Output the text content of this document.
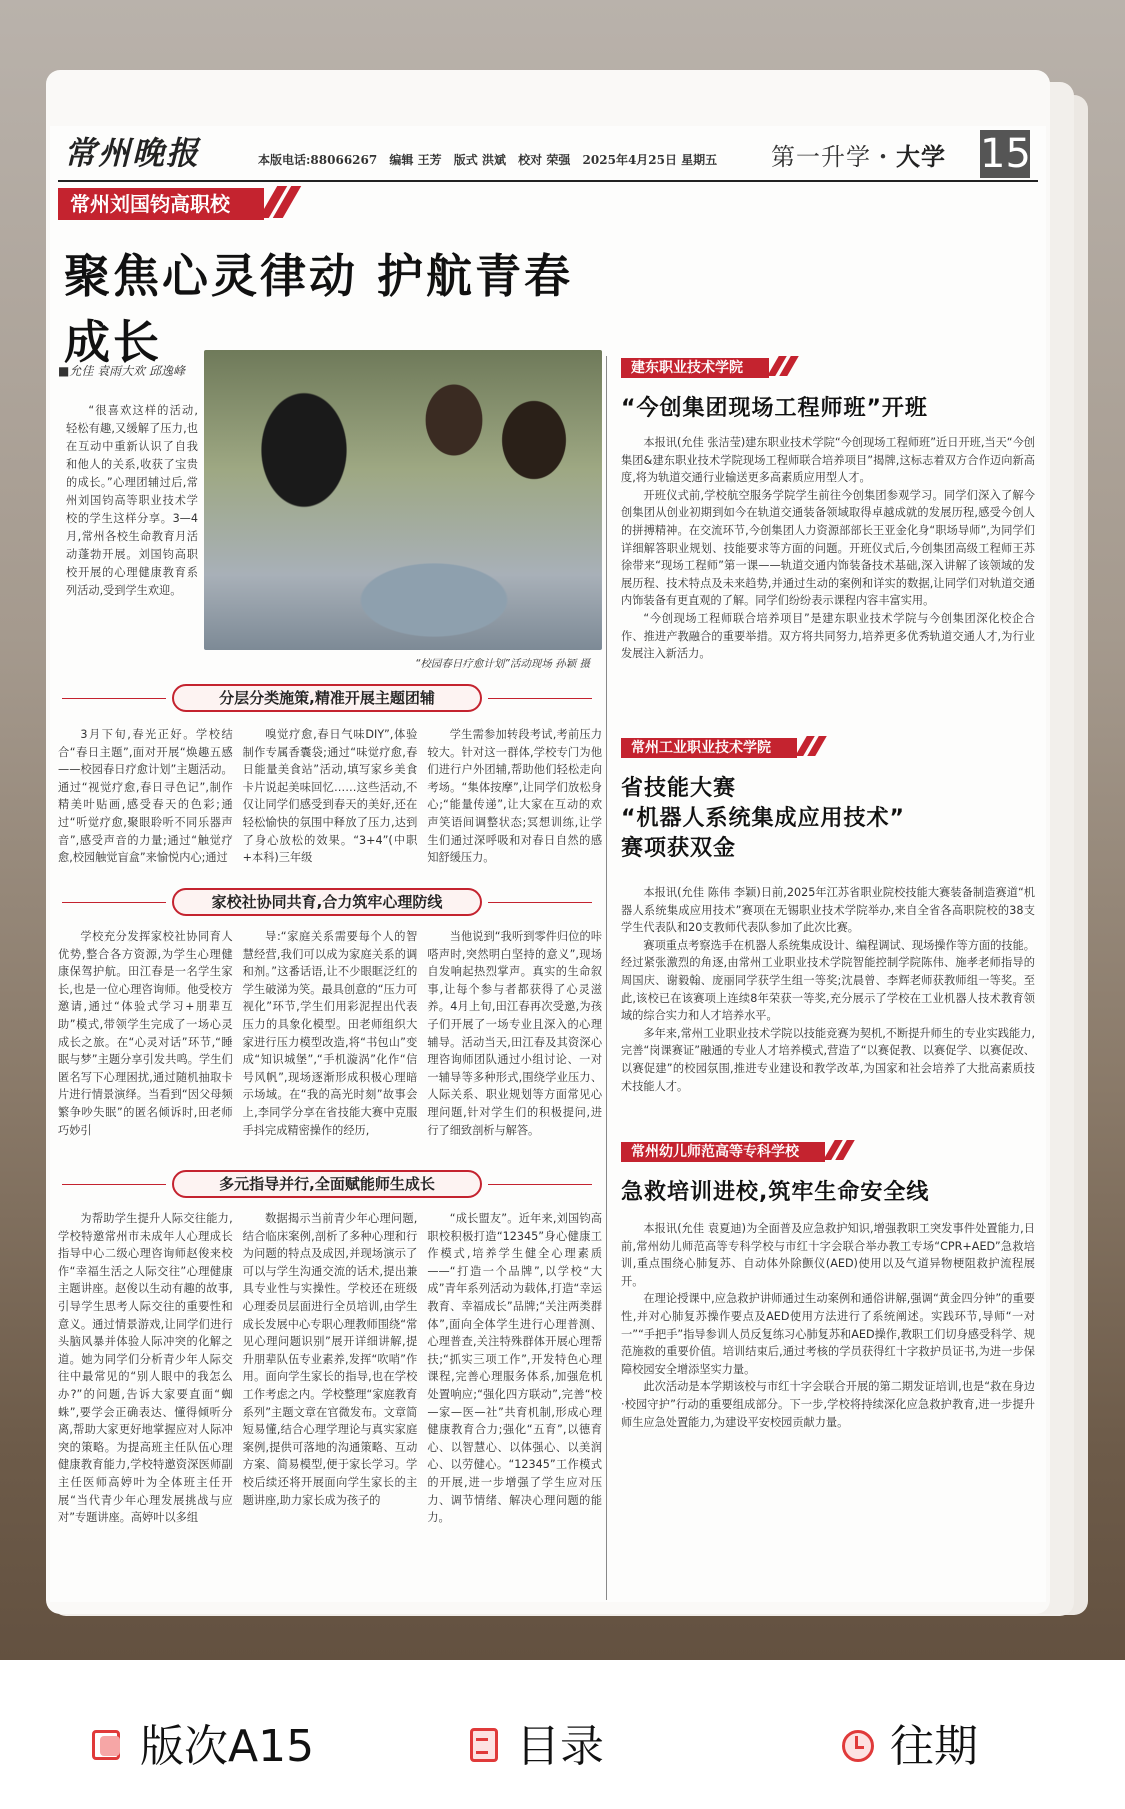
常州晚报	本版电话:88066267 编辑 王芳 版式 洪斌 校对 荣强 2025年4月25日 星期五	第一升学・大学 15
常州刘国钧高职校
聚焦心灵律动 护航青春成长
■允佳 袁雨大欢 邱逸峰
“很喜欢这样的活动,轻松有趣,又缓解了压力,也在互动中重新认识了自我和他人的关系,收获了宝贵的成长。”心理团辅过后,常州刘国钧高等职业技术学校的学生这样分享。3—4月,常州各校生命教育月活动蓬勃开展。刘国钧高职校开展的心理健康教育系列活动,受到学生欢迎。
“校园春日疗愈计划”活动现场 孙颖 摄
分层分类施策,精准开展主题团辅

3月下旬,春光正好。学校结合“春日主题”,面对开展“焕趣五感——校园春日疗愈计划”主题活动。通过“视觉疗愈,春日寻色记”,制作精美叶贴画,感受春天的色彩;通过“听觉疗愈,聚眼聆听不同乐器声音”,感受声音的力量;通过“触觉疗愈,校园触觉盲盒”来愉悦内心;通过

嗅觉疗愈,春日气味DIY”,体验制作专属香囊袋;通过“味觉疗愈,春日能量美食站”活动,填写家乡美食卡片说起美味回忆……这些活动,不仅让同学们感受到春天的美好,还在轻松愉快的氛围中释放了压力,达到了身心放松的效果。“3+4”(中职+本科)三年级

学生需参加转段考试,考前压力较大。针对这一群体,学校专门为他们进行户外团辅,帮助他们轻松走向考场。“集体按摩”,让同学们放松身心;“能量传递”,让大家在互动的欢声笑语间调整状态;冥想训练,让学生们通过深呼吸和对春日自然的感知舒缓压力。

家校社协同共育,合力筑牢心理防线

学校充分发挥家校社协同育人优势,整合各方资源,为学生心理健康保驾护航。田江春是一名学生家长,也是一位心理咨询师。他受校方邀请,通过“体验式学习+朋辈互助”模式,带领学生完成了一场心灵成长之旅。在“心灵对话”环节,“睡眠与梦”主题分享引发共鸣。学生们匿名写下心理困扰,通过随机抽取卡片进行情景演绎。当看到“因父母频繁争吵失眠”的匿名倾诉时,田老师巧妙引

导:“家庭关系需要每个人的智慧经营,我们可以成为家庭关系的调和剂。”这番话语,让不少眼眶泛红的学生破涕为笑。最具创意的“压力可视化”环节,学生们用彩泥捏出代表压力的具象化模型。田老师组织大家进行压力模型改造,将“书包山”变成“知识城堡”,“手机漩涡”化作“信号风帆”,现场逐渐形成积极心理暗示场域。在“我的高光时刻”故事会上,李同学分享在省技能大赛中克服手抖完成精密操作的经历,

当他说到“我听到零件归位的咔嗒声时,突然明白坚持的意义”,现场自发响起热烈掌声。真实的生命叙事,让每个参与者都获得了心灵滋养。4月上旬,田江春再次受邀,为孩子们开展了一场专业且深入的心理辅导。活动当天,田江春及其资深心理咨询师团队通过小组讨论、一对一辅导等多种形式,围绕学业压力、人际关系、职业规划等方面常见心理问题,针对学生们的积极提问,进行了细致剖析与解答。

多元指导并行,全面赋能师生成长

为帮助学生提升人际交往能力,学校特邀常州市未成年人心理成长指导中心二级心理咨询师赵俊来校作“幸福生活之人际交往”心理健康主题讲座。赵俊以生动有趣的故事,引导学生思考人际交往的重要性和意义。通过情景游戏,让同学们进行头脑风暴并体验人际冲突的化解之道。她为同学们分析青少年人际交往中最常见的“别人眼中的我怎么办?”的问题,告诉大家要直面“蜘蛛”,要学会正确表达、懂得倾听分离,帮助大家更好地掌握应对人际冲突的策略。为提高班主任队伍心理健康教育能力,学校特邀资深医师副主任医师高婷叶为全体班主任开展“当代青少年心理发展挑战与应对”专题讲座。高婷叶以多组

数据揭示当前青少年心理问题,结合临床案例,剖析了多种心理和行为问题的特点及成因,并现场演示了可以与学生沟通交流的话术,提出兼具专业性与实操性。学校还在班级心理委员层面进行全员培训,由学生成长发展中心专职心理教师围绕“常见心理问题识别”展开详细讲解,提升朋辈队伍专业素养,发挥“吹哨”作用。面向学生家长的指导,也在学校工作考虑之内。学校整理“家庭教育系列”主题文章在官微发布。文章简短易懂,结合心理学理论与真实家庭案例,提供可落地的沟通策略、互动方案、简易模型,便于家长学习。学校后续还将开展面向学生家长的主题讲座,助力家长成为孩子的

“成长盟友”。近年来,刘国钧高职校积极打造“12345”身心健康工作模式,培养学生健全心理素质——“打造一个品牌”,以学校“大成”青年系列活动为载体,打造“幸运教育、幸福成长”品牌;“关注两类群体”,面向全体学生进行心理普测、心理普查,关注特殊群体开展心理帮扶;“抓实三项工作”,开发特色心理课程,完善心理服务体系,加强危机处置响应;“强化四方联动”,完善“校—家—医—社”共育机制,形成心理健康教育合力;强化“五育”,以德育心、以智慧心、以体强心、以美润心、以劳健心。“12345”工作模式的开展,进一步增强了学生应对压力、调节情绪、解决心理问题的能力。

建东职业技术学院
“今创集团现场工程师班”开班

本报讯(允佳 张洁莹)建东职业技术学院“今创现场工程师班”近日开班,当天“今创集团&建东职业技术学院现场工程师联合培养项目”揭牌,这标志着双方合作迈向新高度,将为轨道交通行业输送更多高素质应用型人才。

开班仪式前,学校航空服务学院学生前往今创集团参观学习。同学们深入了解今创集团从创业初期到如今在轨道交通装备领域取得卓越成就的发展历程,感受今创人的拼搏精神。在交流环节,今创集团人力资源部部长王亚金化身“职场导师”,为同学们详细解答职业规划、技能要求等方面的问题。开班仪式后,今创集团高级工程师王苏徐带来“现场工程师”第一课——轨道交通内饰装备技术基础,深入讲解了该领域的发展历程、技术特点及未来趋势,并通过生动的案例和详实的数据,让同学们对轨道交通内饰装备有更直观的了解。同学们纷纷表示课程内容丰富实用。

“今创现场工程师联合培养项目”是建东职业技术学院与今创集团深化校企合作、推进产教融合的重要举措。双方将共同努力,培养更多优秀轨道交通人才,为行业发展注入新活力。

常州工业职业技术学院
省技能大赛
“机器人系统集成应用技术”
赛项获双金

本报讯(允佳 陈伟 李颖)日前,2025年江苏省职业院校技能大赛装备制造赛道“机器人系统集成应用技术”赛项在无锡职业技术学院举办,来自全省各高职院校的38支学生代表队和20支教师代表队参加了此次比赛。

赛项重点考察选手在机器人系统集成设计、编程调试、现场操作等方面的技能。经过紧张激烈的角逐,由常州工业职业技术学院智能控制学院陈伟、施孝老师指导的周国庆、谢毅翰、庞丽同学获学生组一等奖;沈晨曾、李辉老师获教师组一等奖。至此,该校已在该赛项上连续8年荣获一等奖,充分展示了学校在工业机器人技术教育领域的综合实力和人才培养水平。

多年来,常州工业职业技术学院以技能竞赛为契机,不断提升师生的专业实践能力,完善“岗课赛证”融通的专业人才培养模式,营造了“以赛促教、以赛促学、以赛促改、以赛促建”的校园氛围,推进专业建设和教学改革,为国家和社会培养了大批高素质技术技能人才。

常州幼儿师范高等专科学校
急救培训进校,筑牢生命安全线

本报讯(允佳 袁夏迪)为全面普及应急救护知识,增强教职工突发事件处置能力,日前,常州幼儿师范高等专科学校与市红十字会联合举办教工专场“CPR+AED”急救培训,重点围绕心肺复苏、自动体外除颤仪(AED)使用以及气道异物梗阻救护流程展开。

在理论授课中,应急救护讲师通过生动案例和通俗讲解,强调“黄金四分钟”的重要性,并对心肺复苏操作要点及AED使用方法进行了系统阐述。实践环节,导师“一对一”“手把手”指导参训人员反复练习心肺复苏和AED操作,教职工们切身感受科学、规范施救的重要价值。培训结束后,通过考核的学员获得红十字救护员证书,为进一步保障校园安全增添坚实力量。

此次活动是本学期该校与市红十字会联合开展的第二期发证培训,也是“救在身边·校园守护”行动的重要组成部分。下一步,学校将持续深化应急救护教育,进一步提升师生应急处置能力,为建设平安校园贡献力量。

版次A15	目录	往期
